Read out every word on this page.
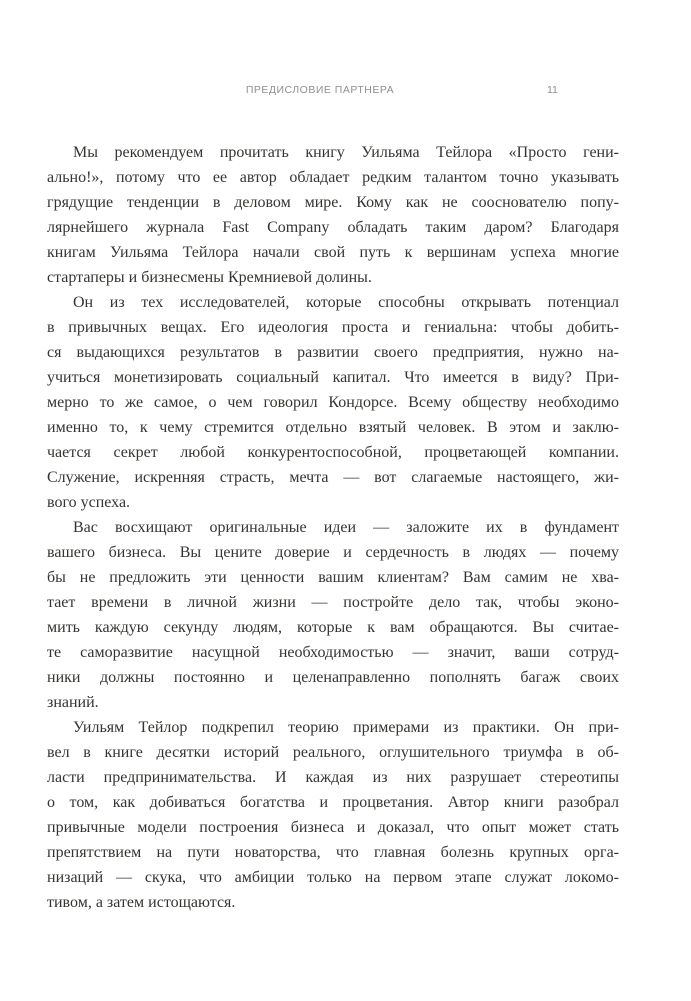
ПРЕДИСЛОВИЕ ПАРТНЕРА	11
Мы рекомендуем прочитать книгу Уильяма Тейлора «Просто гени-
ально!», потому что ее автор обладает редким талантом точно указывать
грядущие тенденции в деловом мире. Кому как не сооснователю попу-
лярнейшего журнала Fast Company обладать таким даром? Благодаря
книгам Уильяма Тейлора начали свой путь к вершинам успеха многие
стартаперы и бизнесмены Кремниевой долины.
Он из тех исследователей, которые способны открывать потенциал
в привычных вещах. Его идеология проста и гениальна: чтобы добить-
ся выдающихся результатов в развитии своего предприятия, нужно на-
учиться монетизировать социальный капитал. Что имеется в виду? При-
мерно то же самое, о чем говорил Кондорсе. Всему обществу необходимо
именно то, к чему стремится отдельно взятый человек. В этом и заклю-
чается секрет любой конкурентоспособной, процветающей компании.
Служение, искренняя страсть, мечта — вот слагаемые настоящего, жи-
вого успеха.
Вас восхищают оригинальные идеи — заложите их в фундамент
вашего бизнеса. Вы цените доверие и сердечность в людях — почему
бы не предложить эти ценности вашим клиентам? Вам самим не хва-
тает времени в личной жизни — постройте дело так, чтобы эконо-
мить каждую секунду людям, которые к вам обращаются. Вы считае-
те саморазвитие насущной необходимостью — значит, ваши сотруд-
ники должны постоянно и целенаправленно пополнять багаж своих
знаний.
Уильям Тейлор подкрепил теорию примерами из практики. Он при-
вел в книге десятки историй реального, оглушительного триумфа в об-
ласти предпринимательства. И каждая из них разрушает стереотипы
о том, как добиваться богатства и процветания. Автор книги разобрал
привычные модели построения бизнеса и доказал, что опыт может стать
препятствием на пути новаторства, что главная болезнь крупных орга-
низаций — скука, что амбиции только на первом этапе служат локомо-
тивом, а затем истощаются.
